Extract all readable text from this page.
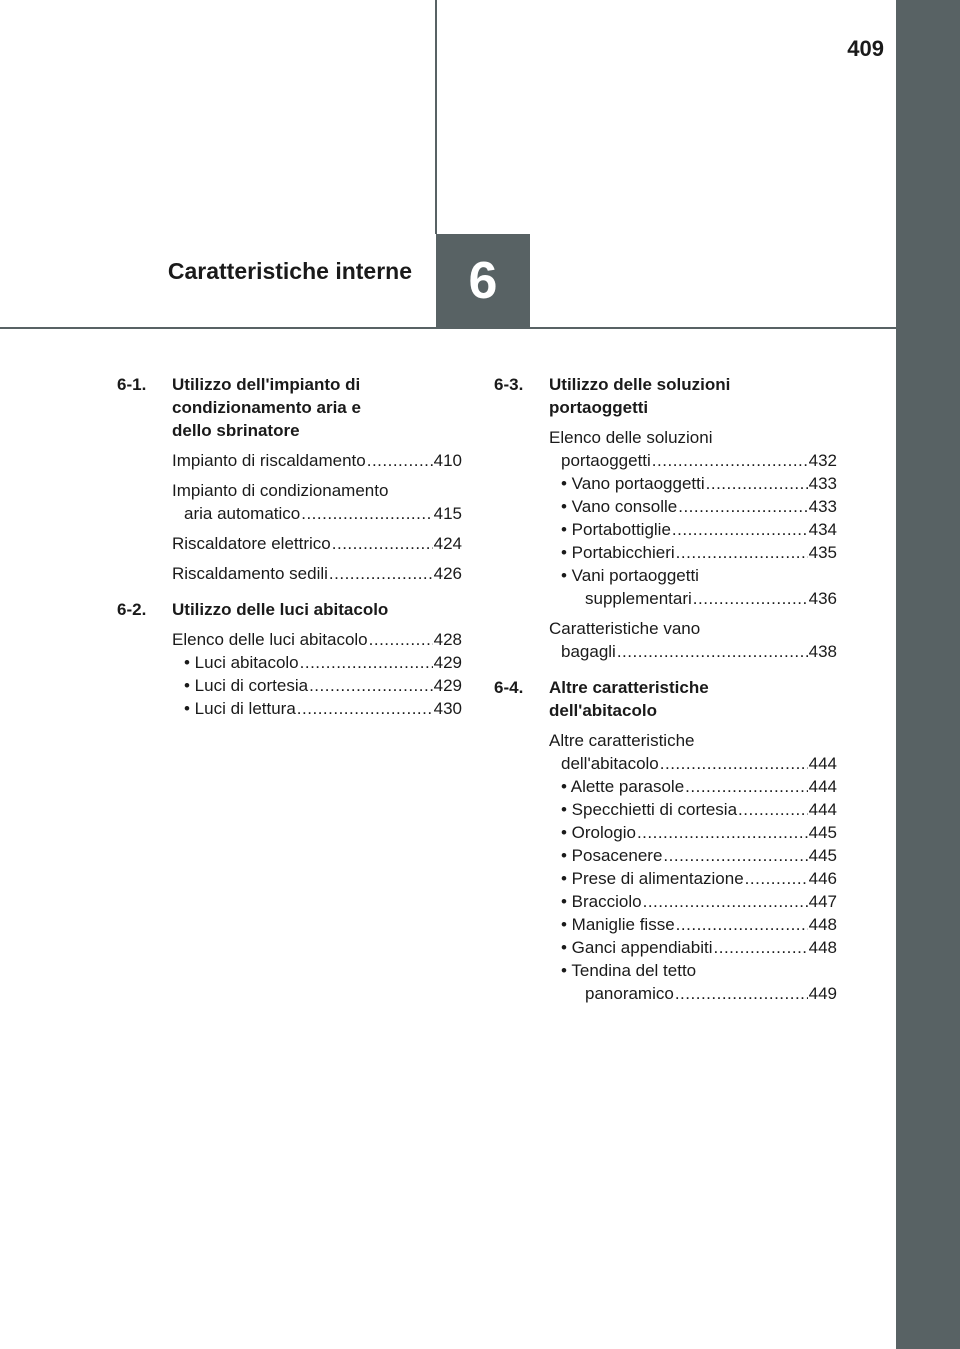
409
Caratteristiche interne	6
6-1.	Utilizzo dell'impianto di
condizionamento aria e
dello sbrinatore
Impianto di riscaldamento .....	410
Impianto di condizionamento
aria automatico .....	415
Riscaldatore elettrico .....	424
Riscaldamento sedili .....	426
6-2.	Utilizzo delle luci abitacolo
Elenco delle luci abitacolo .....	428
• Luci abitacolo .....	429
• Luci di cortesia .....	429
• Luci di lettura .....	430
6-3.	Utilizzo delle soluzioni
portaoggetti
Elenco delle soluzioni
portaoggetti .....	432
• Vano portaoggetti .....	433
• Vano consolle .....	433
• Portabottiglie .....	434
• Portabicchieri .....	435
• Vani portaoggetti
supplementari .....	436
Caratteristiche vano
bagagli .....	438
6-4.	Altre caratteristiche
dell'abitacolo
Altre caratteristiche
dell'abitacolo .....	444
• Alette parasole .....	444
• Specchietti di cortesia .....	444
• Orologio .....	445
• Posacenere .....	445
• Prese di alimentazione .....	446
• Bracciolo .....	447
• Maniglie fisse .....	448
• Ganci appendiabiti .....	448
• Tendina del tetto
panoramico .....	449
